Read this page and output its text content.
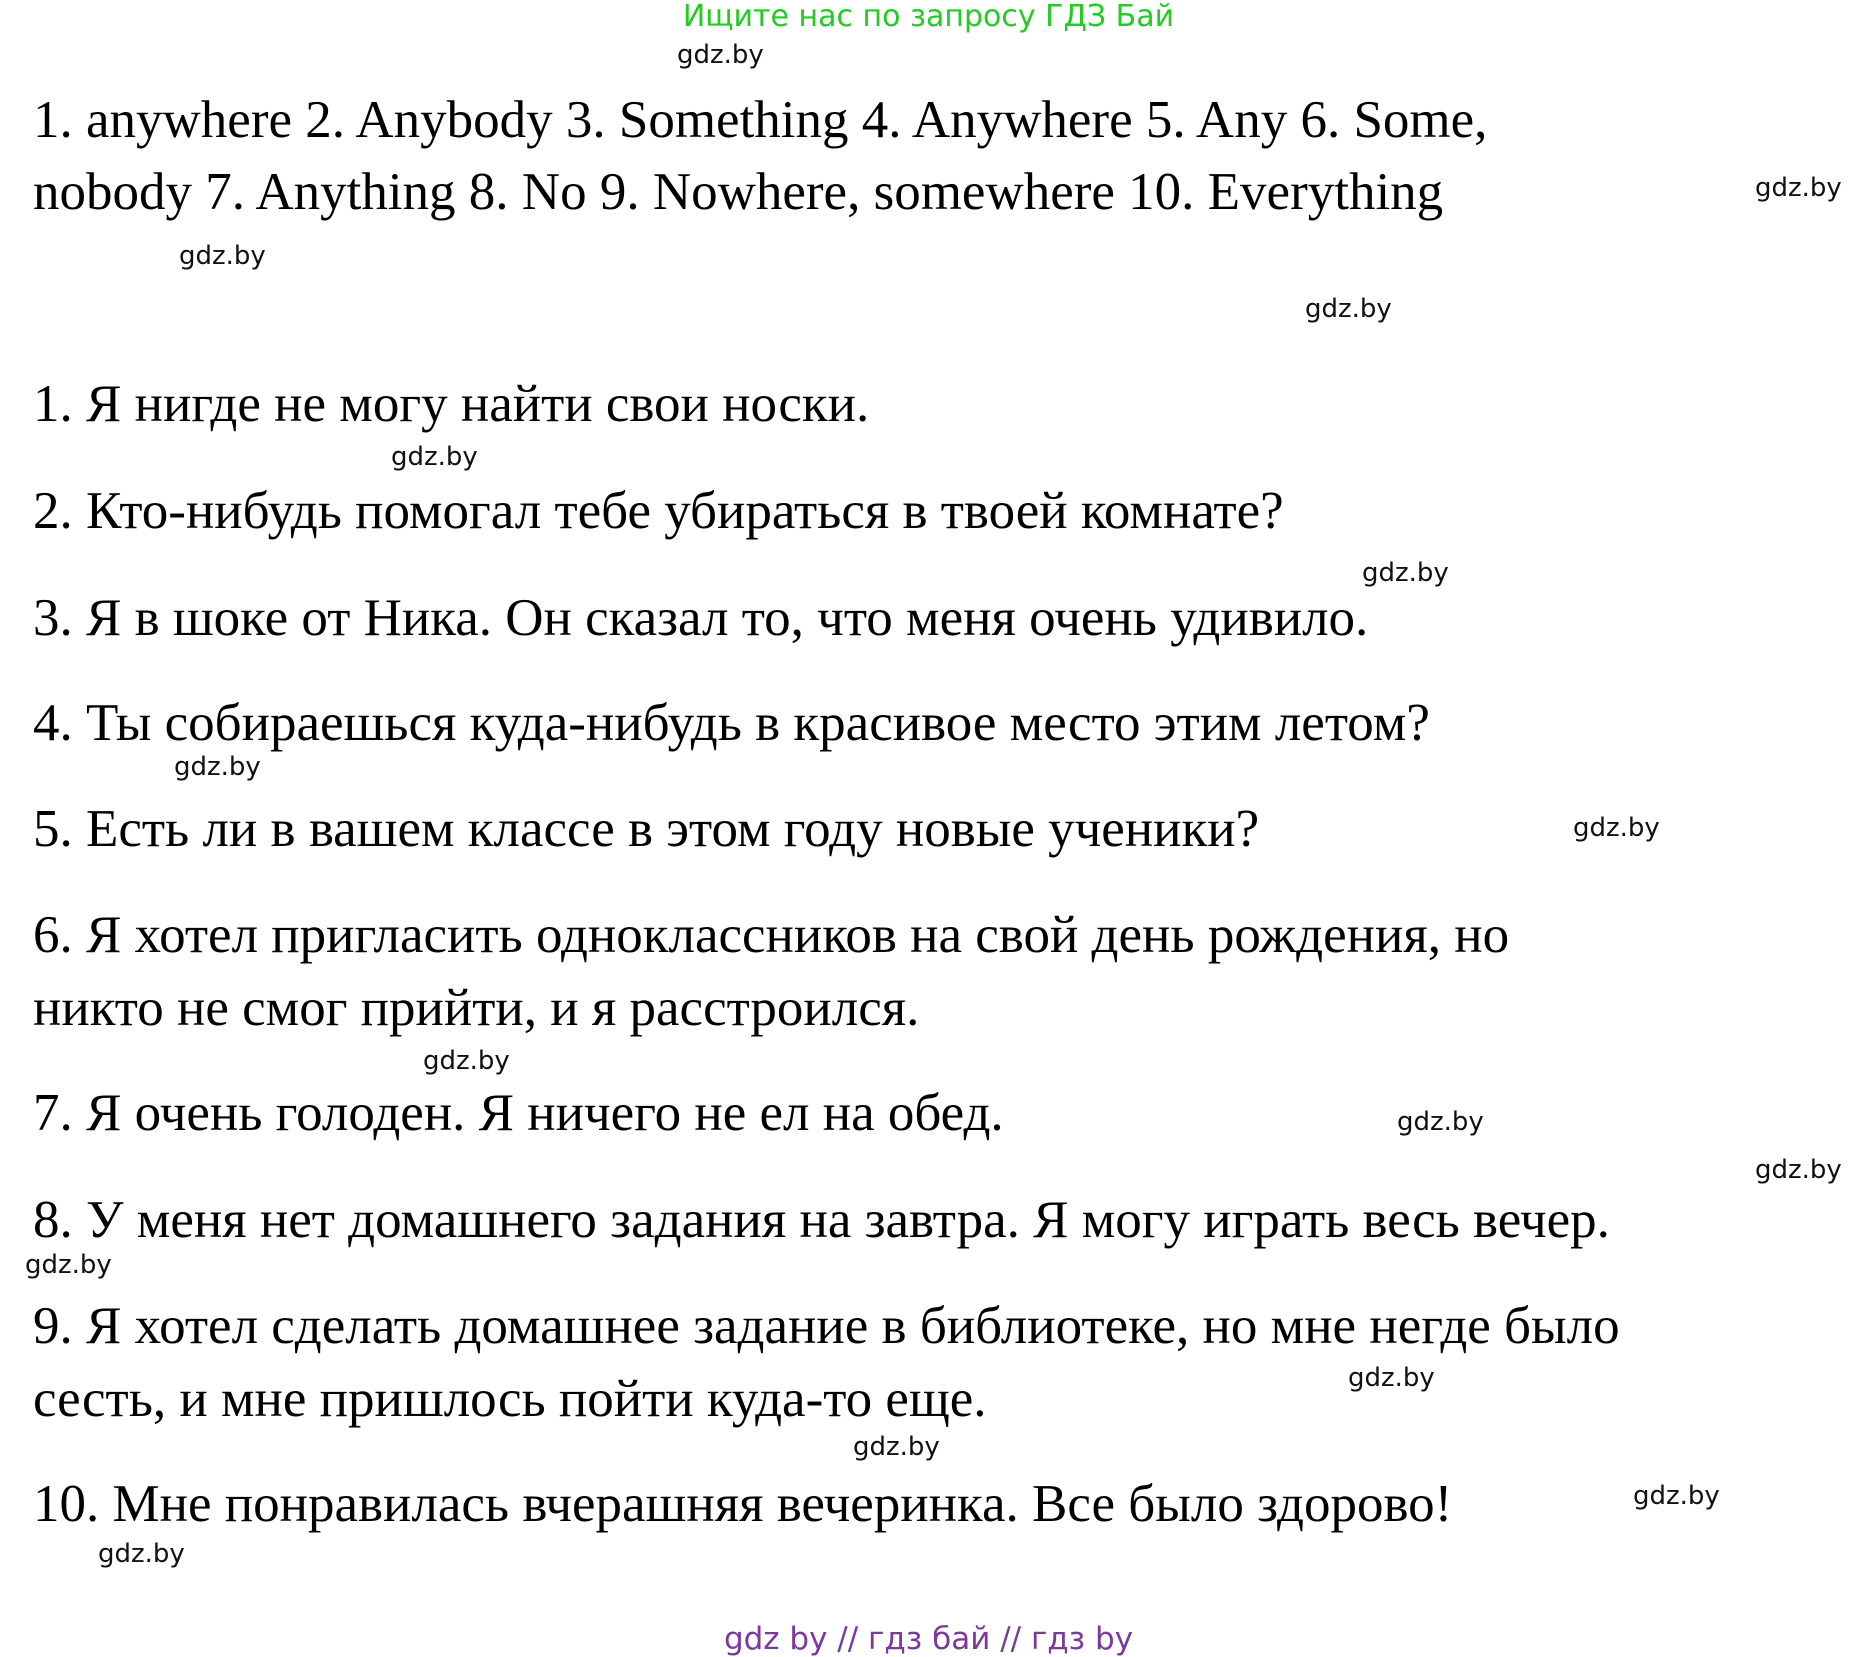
Ищите нас по запросу ГДЗ Бай
gdz.by
gdz.by
gdz.by
gdz.by
gdz.by
gdz.by
gdz.by
gdz.by
gdz.by
gdz.by
gdz.by
gdz.by
gdz.by
gdz.by
gdz.by
gdz.by
1. anywhere 2. Anybody 3. Something 4. Anywhere 5. Any 6. Some,
nobody 7. Anything 8. No 9. Nowhere, somewhere 10. Everything
1. Я нигде не могу найти свои носки.
2. Кто-нибудь помогал тебе убираться в твоей комнате?
3. Я в шоке от Ника. Он сказал то, что меня очень удивило.
4. Ты собираешься куда-нибудь в красивое место этим летом?
5. Есть ли в вашем классе в этом году новые ученики?
6. Я хотел пригласить одноклассников на свой день рождения, но
никто не смог прийти, и я расстроился.
7. Я очень голоден. Я ничего не ел на обед.
8. У меня нет домашнего задания на завтра. Я могу играть весь вечер.
9. Я хотел сделать домашнее задание в библиотеке, но мне негде было
сесть, и мне пришлось пойти куда-то еще.
10. Мне понравилась вчерашняя вечеринка. Все было здорово!
gdz by // гдз бай // гдз by
